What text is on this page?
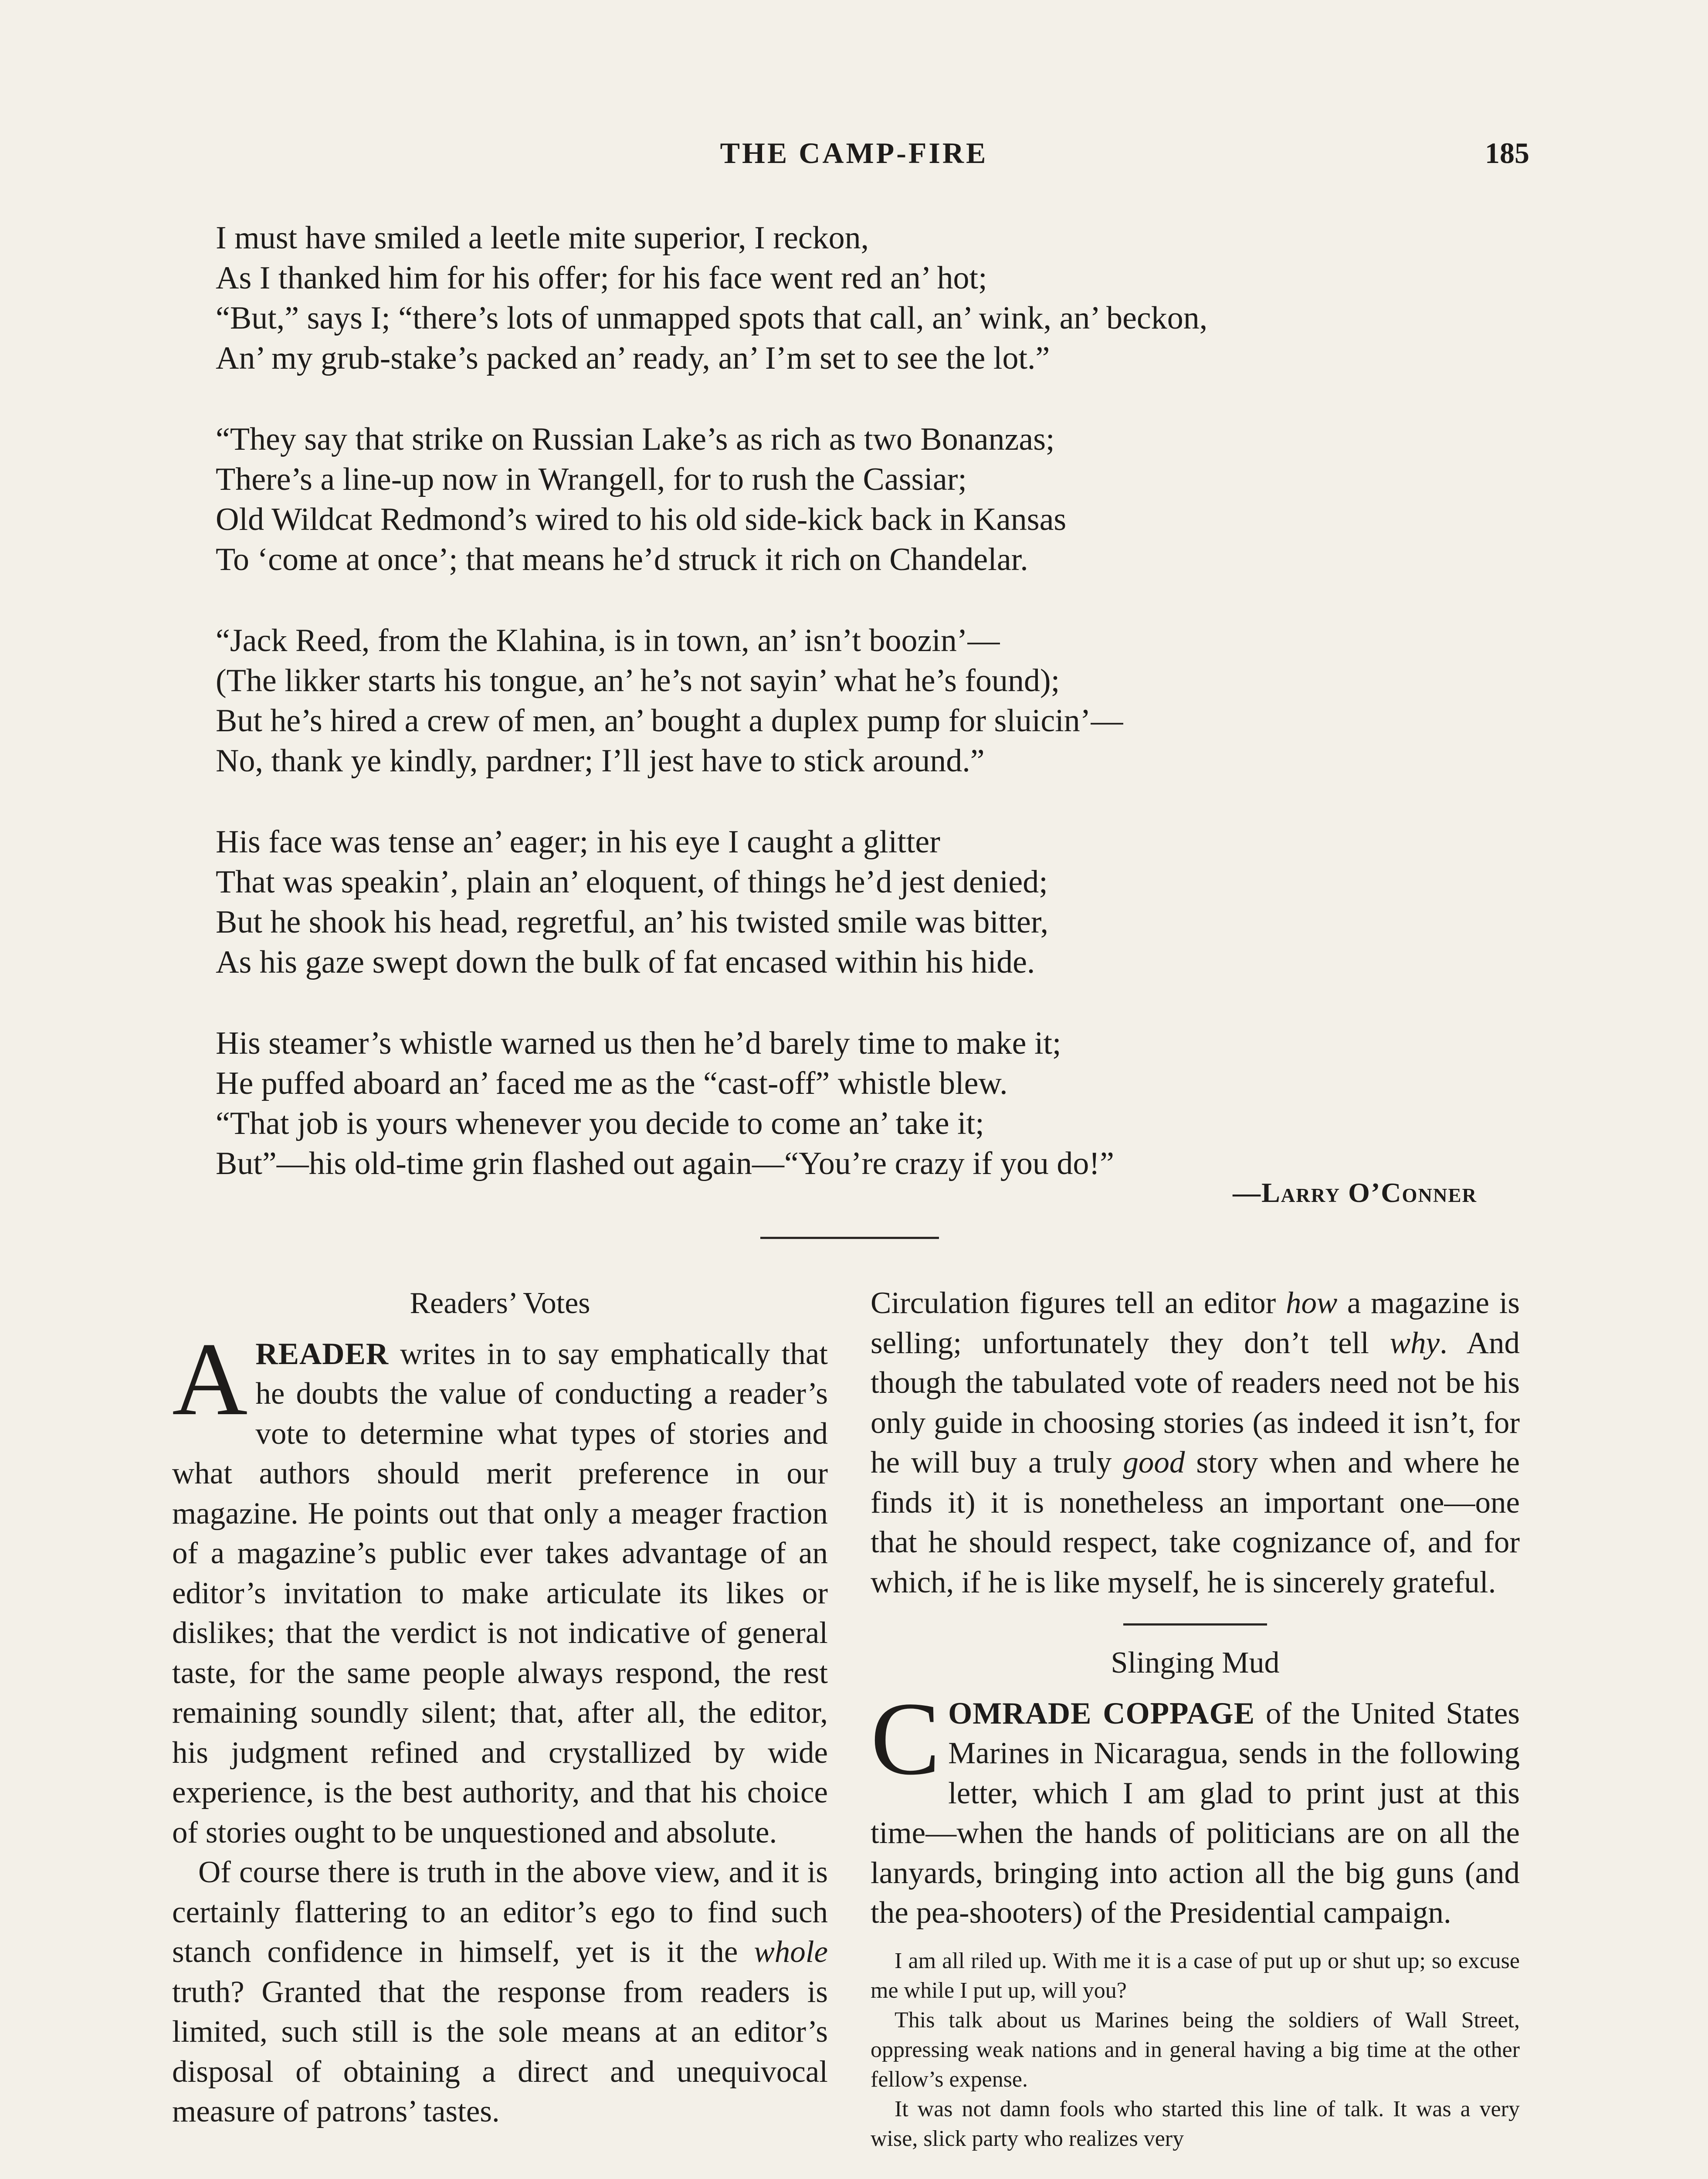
THE CAMP-FIRE	185
I must have smiled a leetle mite superior, I reckon,
As I thanked him for his offer; for his face went red an’ hot;
“But,” says I; “there’s lots of unmapped spots that call, an’ wink, an’ beckon,
An’ my grub-stake’s packed an’ ready, an’ I’m set to see the lot.”
“They say that strike on Russian Lake’s as rich as two Bonanzas;
There’s a line-up now in Wrangell, for to rush the Cassiar;
Old Wildcat Redmond’s wired to his old side-kick back in Kansas
To ‘come at once’; that means he’d struck it rich on Chandelar.
“Jack Reed, from the Klahina, is in town, an’ isn’t boozin’—
(The likker starts his tongue, an’ he’s not sayin’ what he’s found);
But he’s hired a crew of men, an’ bought a duplex pump for sluicin’—
No, thank ye kindly, pardner; I’ll jest have to stick around.”
His face was tense an’ eager; in his eye I caught a glitter
That was speakin’, plain an’ eloquent, of things he’d jest denied;
But he shook his head, regretful, an’ his twisted smile was bitter,
As his gaze swept down the bulk of fat encased within his hide.
His steamer’s whistle warned us then he’d barely time to make it;
He puffed aboard an’ faced me as the “cast-off” whistle blew.
“That job is yours whenever you decide to come an’ take it;
But”—his old-time grin flashed out again—“You’re crazy if you do!”
—Larry O’Conner
Readers’ Votes

AREADER writes in to say emphatically that he doubts the value of conducting a reader’s vote to determine what types of stories and what authors should merit preference in our magazine. He points out that only a meager fraction of a magazine’s public ever takes advantage of an editor’s invitation to make articulate its likes or dislikes; that the verdict is not indicative of general taste, for the same people always respond, the rest remaining soundly silent; that, after all, the editor, his judgment refined and crystallized by wide experience, is the best authority, and that his choice of stories ought to be unquestioned and absolute.

Of course there is truth in the above view, and it is certainly flattering to an editor’s ego to find such stanch confidence in himself, yet is it the whole truth? Granted that the response from readers is limited, such still is the sole means at an editor’s disposal of obtaining a direct and unequivocal measure of patrons’ tastes.

Circulation figures tell an editor how a magazine is selling; unfortunately they don’t tell why. And though the tabulated vote of readers need not be his only guide in choosing stories (as indeed it isn’t, for he will buy a truly good story when and where he finds it) it is nonetheless an important one—one that he should respect, take cognizance of, and for which, if he is like myself, he is sincerely grateful.

Slinging Mud

COMRADE COPPAGE of the United States Marines in Nicaragua, sends in the following letter, which I am glad to print just at this time—when the hands of politicians are on all the lanyards, bringing into action all the big guns (and the pea-shooters) of the Presidential campaign.

I am all riled up. With me it is a case of put up or shut up; so excuse me while I put up, will you?

This talk about us Marines being the soldiers of Wall Street, oppressing weak nations and in general having a big time at the other fellow’s expense.

It was not damn fools who started this line of talk. It was a very wise, slick party who realizes very
